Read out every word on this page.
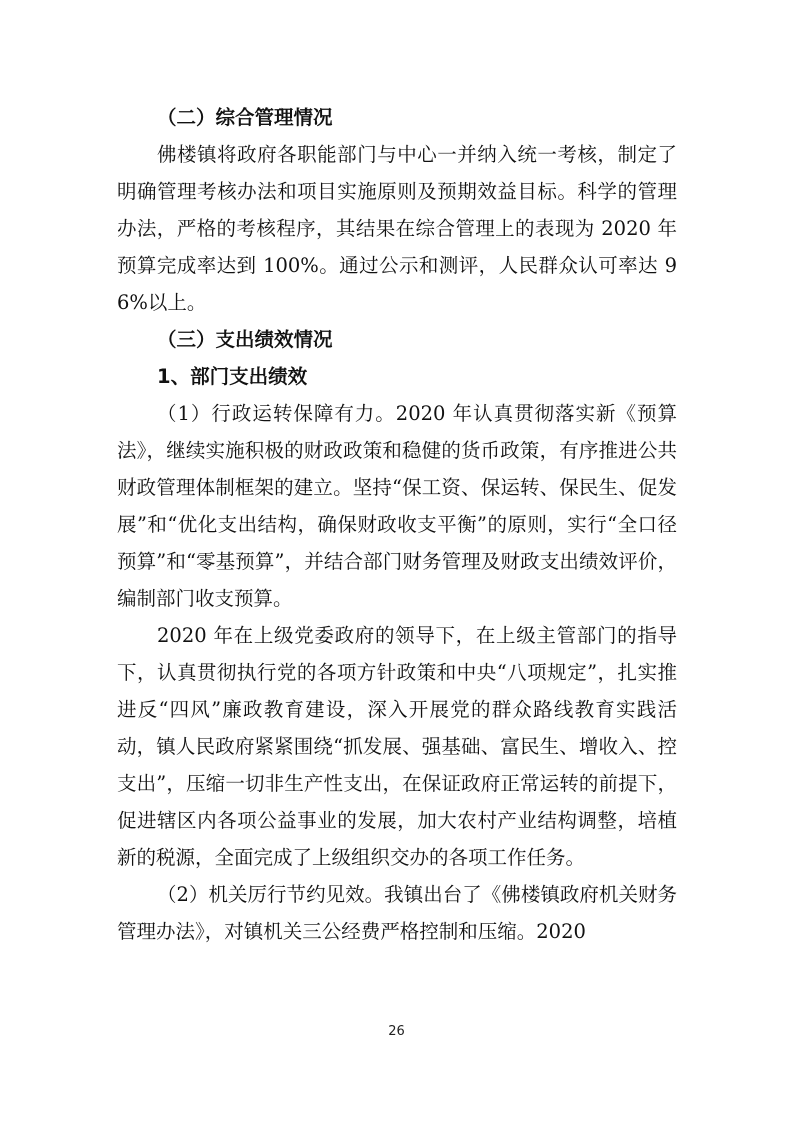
（二）综合管理情况

佛楼镇将政府各职能部门与中心一并纳入统一考核，制定了明确管理考核办法和项目实施原则及预期效益目标。科学的管理办法，严格的考核程序，其结果在综合管理上的表现为 2020 年预算完成率达到 100%。通过公示和测评，人民群众认可率达 96%以上。

（三）支出绩效情况

1、部门支出绩效

（1）行政运转保障有力。2020 年认真贯彻落实新《预算法》，继续实施积极的财政政策和稳健的货币政策，有序推进公共财政管理体制框架的建立。坚持“保工资、保运转、保民生、促发展”和“优化支出结构，确保财政收支平衡”的原则，实行“全口径预算”和“零基预算”，并结合部门财务管理及财政支出绩效评价，编制部门收支预算。

2020 年在上级党委政府的领导下，在上级主管部门的指导下，认真贯彻执行党的各项方针政策和中央“八项规定”，扎实推进反“四风”廉政教育建设，深入开展党的群众路线教育实践活动，镇人民政府紧紧围绕“抓发展、强基础、富民生、增收入、控支出”，压缩一切非生产性支出，在保证政府正常运转的前提下，促进辖区内各项公益事业的发展，加大农村产业结构调整，培植新的税源，全面完成了上级组织交办的各项工作任务。

（2）机关厉行节约见效。我镇出台了《佛楼镇政府机关财务管理办法》，对镇机关三公经费严格控制和压缩。2020

26
